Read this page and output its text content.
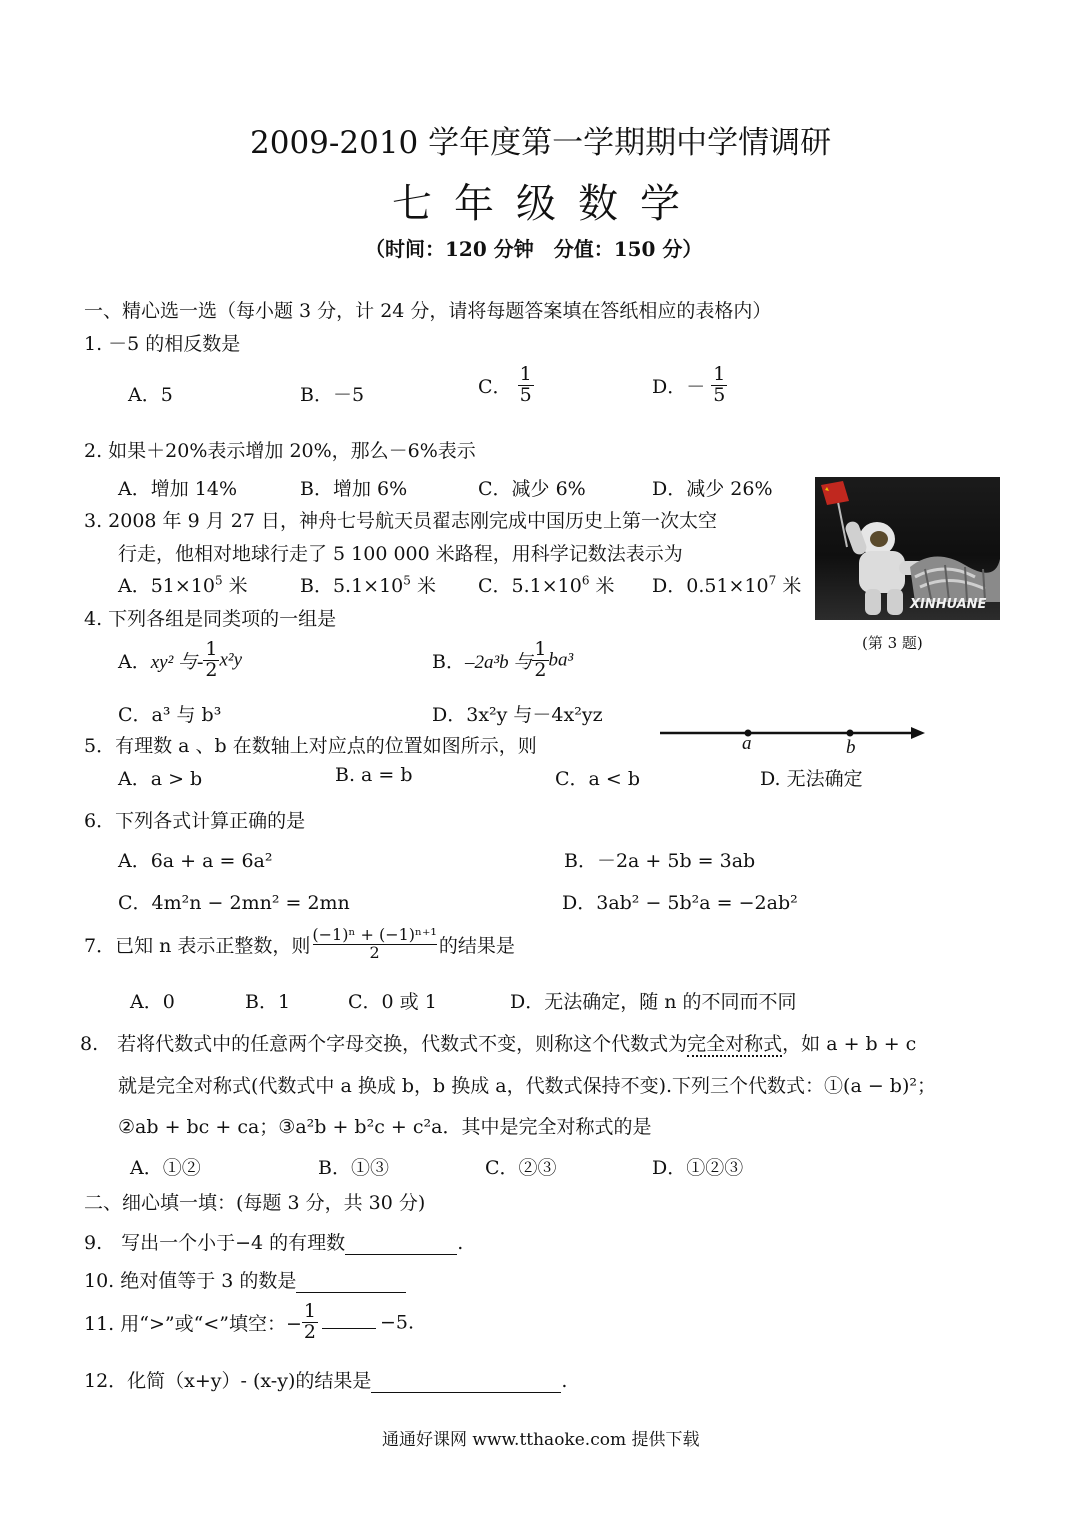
2009-2010 学年度第一学期期中学情调研
七年级数学
（时间：120 分钟　分值：150 分）
一、精心选一选（每小题 3 分，计 24 分，请将每题答案填在答纸相应的表格内）
1. －5 的相反数是
A．5	B．－5	C． $\frac{1}{5}$	D．－ $\frac{1}{5}$
2. 如果＋20%表示增加 20%，那么－6%表示
A．增加 14%	B．增加 6%	C．减少 6%	D．减少 26%
3. 2008 年 9 月 27 日，神舟七号航天员翟志刚完成中国历史上第一次太空
行走，他相对地球行走了 5 100 000 米路程，用科学记数法表示为
A．$51\times 10^5$ 米	B．$5.1\times 10^5$ 米 C．$5.1\times 10^6$ 米 D．$0.51\times 10^7$ 米
XINHUANE
(第 3 题)
4. 下列各组是同类项的一组是
A．xy² 与- $\frac{1}{2} x^2y$	B．–2a³b 与 $\frac{1}{2} ba^3$
C．a³ 与 b³	D．3x²y 与－4x²yz
5．有理数 a 、b 在数轴上对应点的位置如图所示，则	a	b
A．a > b	B. a = b	C．a < b	D. 无法确定
6．下列各式计算正确的是
A．6a + a = 6a²	B．－2a + 5b = 3ab
C．4m²n − 2mn² = 2mn	D．3ab² − 5b²a = −2ab²
7．已知 n 表示正整数，则 $\frac{\text{(−1)ⁿ + (−1)ⁿ⁺¹}}{2}$ 的结果是
A．0	B．1	C．0 或 1	D．无法确定，随 n 的不同而不同
8.　若将代数式中的任意两个字母交换，代数式不变，则称这个代数式为完全对称式，如 a + b + c
就是完全对称式(代数式中 a 换成 b，b 换成 a，代数式保持不变).下列三个代数式：①(a − b)²；
②ab + bc + ca；③a²b + b²c + c²a．其中是完全对称式的是
A．①②	B．①③	C．②③	D．①②③
二、细心填一填：(每题 3 分，共 30 分)
9.　写出一个小于−4 的有理数	.
10. 绝对值等于 3 的数是
11. 用“>”或“<”填空：− $\frac{1}{2}$	−5.
12．化简（x+y）- (x-y)的结果是	.
通通好课网 www.tthaoke.com 提供下载
